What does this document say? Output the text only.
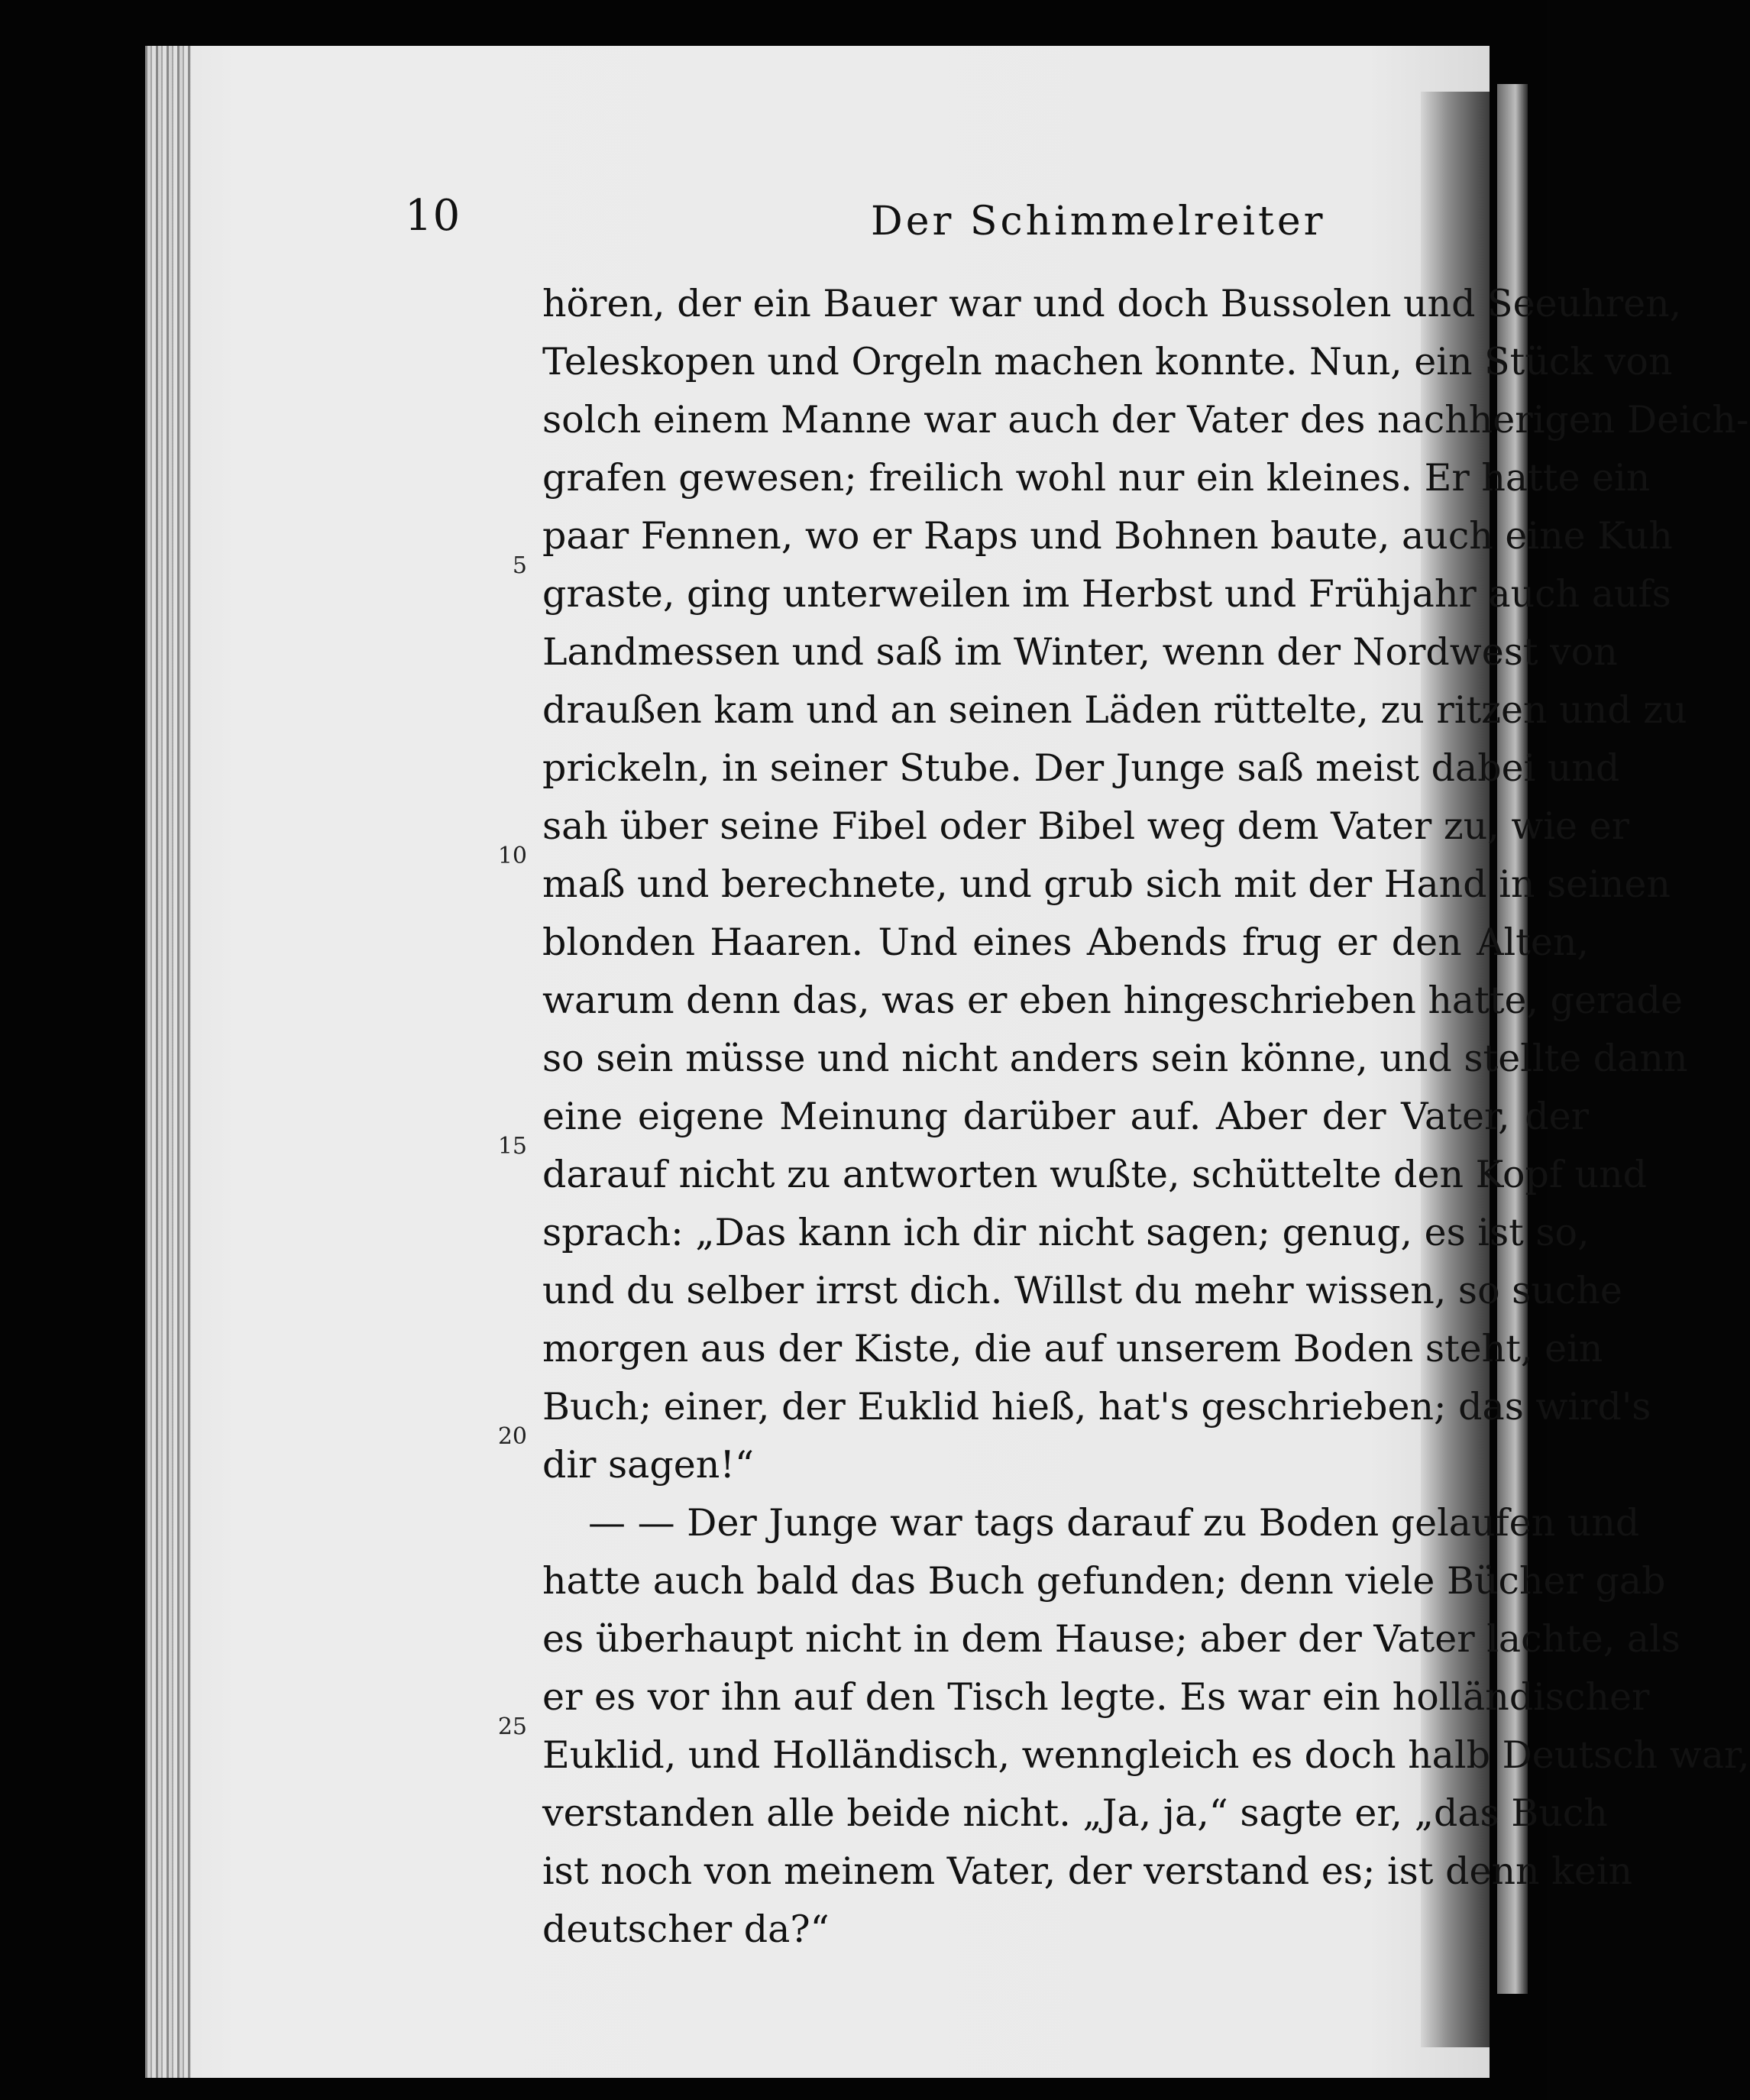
10	Der Schimmelreiter
5
10
15
20
25
hören, der ein Bauer war und doch Bussolen und Seeuhren,
Teleskopen und Orgeln machen konnte. Nun, ein Stück von
solch einem Manne war auch der Vater des nachherigen Deich-
grafen gewesen; freilich wohl nur ein kleines. Er hatte ein
paar Fennen, wo er Raps und Bohnen baute, auch eine Kuh
graste, ging unterweilen im Herbst und Frühjahr auch aufs
Landmessen und saß im Winter, wenn der Nordwest von
draußen kam und an seinen Läden rüttelte, zu ritzen und zu
prickeln, in seiner Stube. Der Junge saß meist dabei und
sah über seine Fibel oder Bibel weg dem Vater zu, wie er
maß und berechnete, und grub sich mit der Hand in seinen
blonden Haaren. Und eines Abends frug er den Alten,
warum denn das, was er eben hingeschrieben hatte, gerade
so sein müsse und nicht anders sein könne, und stellte dann
eine eigene Meinung darüber auf. Aber der Vater, der
darauf nicht zu antworten wußte, schüttelte den Kopf und
sprach: „Das kann ich dir nicht sagen; genug, es ist so,
und du selber irrst dich. Willst du mehr wissen, so suche
morgen aus der Kiste, die auf unserem Boden steht, ein
Buch; einer, der Euklid hieß, hat's geschrieben; das wird's
dir sagen!“
— — Der Junge war tags darauf zu Boden gelaufen und
hatte auch bald das Buch gefunden; denn viele Bücher gab
es überhaupt nicht in dem Hause; aber der Vater lachte, als
er es vor ihn auf den Tisch legte. Es war ein holländischer
Euklid, und Holländisch, wenngleich es doch halb Deutsch war,
verstanden alle beide nicht. „Ja, ja,“ sagte er, „das Buch
ist noch von meinem Vater, der verstand es; ist denn kein
deutscher da?“
